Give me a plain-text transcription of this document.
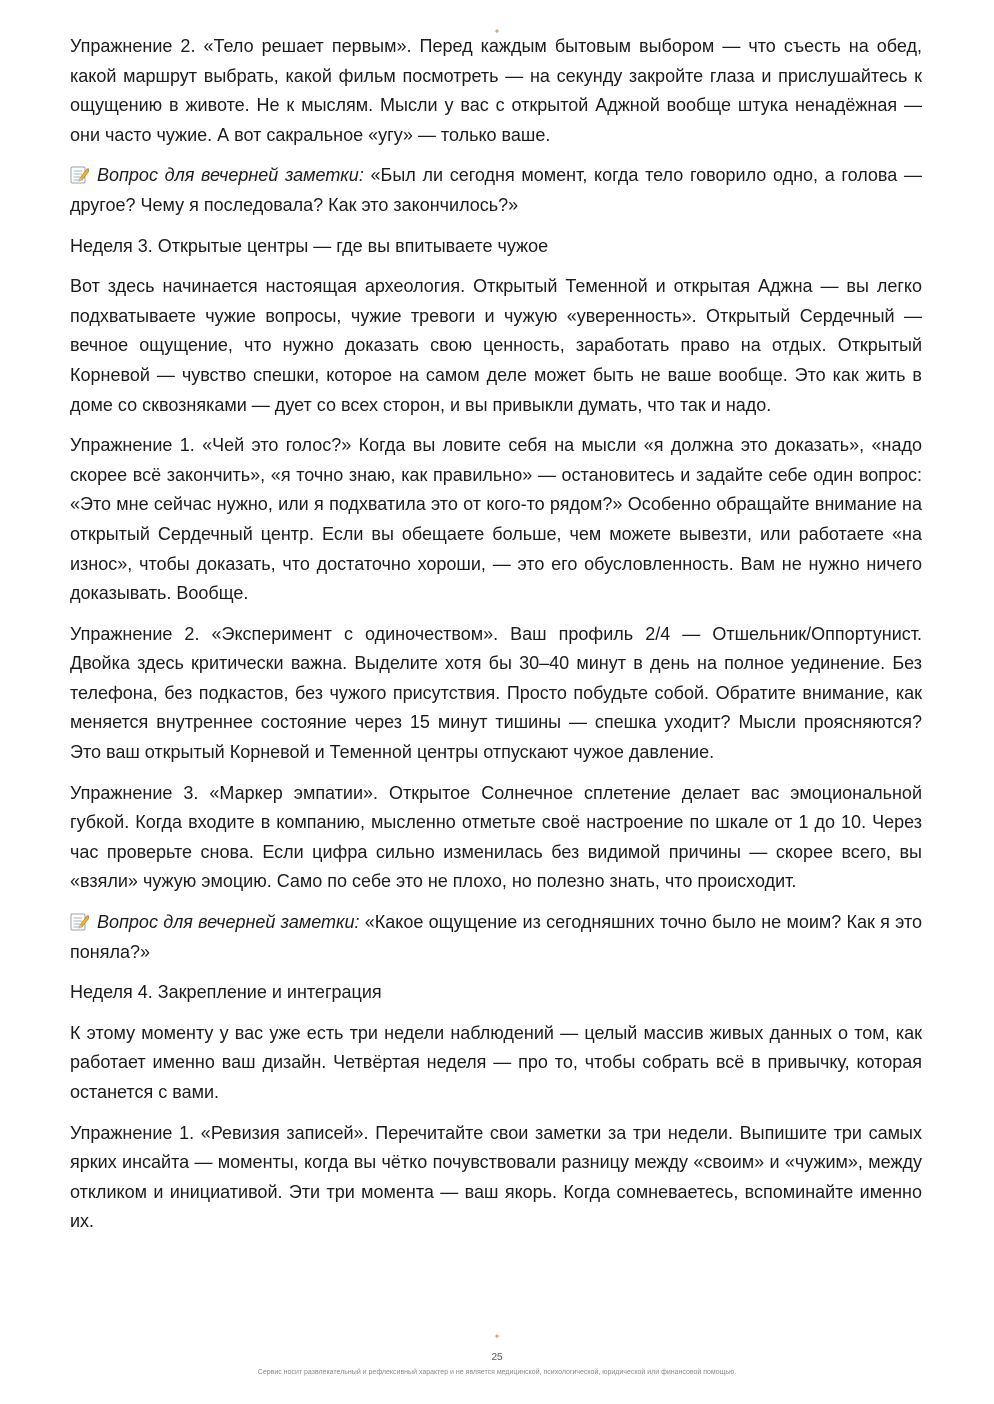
✦

Упражнение 2. «Тело решает первым». Перед каждым бытовым выбором — что съесть на обед, какой маршрут выбрать, какой фильм посмотреть — на секунду закройте глаза и прислушайтесь к ощущению в животе. Не к мыслям. Мысли у вас с открытой Аджной вообще штука ненадёжная — они часто чужие. А вот сакральное «угу» — только ваше.

Вопрос для вечерней заметки: «Был ли сегодня момент, когда тело говорило одно, а голова — другое? Чему я последовала? Как это закончилось?»

Неделя 3. Открытые центры — где вы впитываете чужое

Вот здесь начинается настоящая археология. Открытый Теменной и открытая Аджна — вы легко подхватываете чужие вопросы, чужие тревоги и чужую «уверенность». Открытый Сердечный — вечное ощущение, что нужно доказать свою ценность, заработать право на отдых. Открытый Корневой — чувство спешки, которое на самом деле может быть не ваше вообще. Это как жить в доме со сквозняками — дует со всех сторон, и вы привыкли думать, что так и надо.

Упражнение 1. «Чей это голос?» Когда вы ловите себя на мысли «я должна это доказать», «надо скорее всё закончить», «я точно знаю, как правильно» — остановитесь и задайте себе один вопрос: «Это мне сейчас нужно, или я подхватила это от кого-то рядом?» Особенно обращайте внимание на открытый Сердечный центр. Если вы обещаете больше, чем можете вывезти, или работаете «на износ», чтобы доказать, что достаточно хороши, — это его обусловленность. Вам не нужно ничего доказывать. Вообще.

Упражнение 2. «Эксперимент с одиночеством». Ваш профиль 2/4 — Отшельник/Оппортунист. Двойка здесь критически важна. Выделите хотя бы 30–40 минут в день на полное уединение. Без телефона, без подкастов, без чужого присутствия. Просто побудьте собой. Обратите внимание, как меняется внутреннее состояние через 15 минут тишины — спешка уходит? Мысли проясняются? Это ваш открытый Корневой и Теменной центры отпускают чужое давление.

Упражнение 3. «Маркер эмпатии». Открытое Солнечное сплетение делает вас эмоциональной губкой. Когда входите в компанию, мысленно отметьте своё настроение по шкале от 1 до 10. Через час проверьте снова. Если цифра сильно изменилась без видимой причины — скорее всего, вы «взяли» чужую эмоцию. Само по себе это не плохо, но полезно знать, что происходит.

Вопрос для вечерней заметки: «Какое ощущение из сегодняшних точно было не моим? Как я это поняла?»

Неделя 4. Закрепление и интеграция

К этому моменту у вас уже есть три недели наблюдений — целый массив живых данных о том, как работает именно ваш дизайн. Четвёртая неделя — про то, чтобы собрать всё в привычку, которая останется с вами.

Упражнение 1. «Ревизия записей». Перечитайте свои заметки за три недели. Выпишите три самых ярких инсайта — моменты, когда вы чётко почувствовали разницу между «своим» и «чужим», между откликом и инициативой. Эти три момента — ваш якорь. Когда сомневаетесь, вспоминайте именно их.

✦
25
Сервис носит развлекательный и рефлексивный характер и не является медицинской, психологической, юридической или финансовой помощью.
